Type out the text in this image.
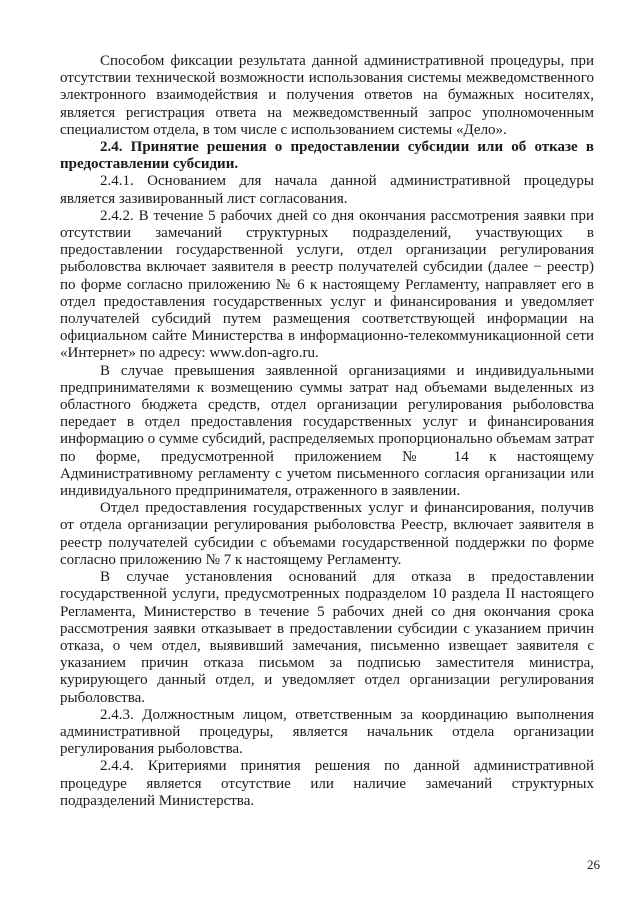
Способом фиксации результата данной административной процедуры, при отсутствии технической возможности использования системы межведомственного электронного взаимодействия и получения ответов на бумажных носителях, является регистрация ответа на межведомственный запрос уполномоченным специалистом отдела, в том числе с использованием системы «Дело».

2.4. Принятие решения о предоставлении субсидии или об отказе в предоставлении субсидии.

2.4.1. Основанием для начала данной административной процедуры является зазивированный лист согласования.

2.4.2. В течение 5 рабочих дней со дня окончания рассмотрения заявки при отсутствии замечаний структурных подразделений, участвующих в предоставлении государственной услуги, отдел организации регулирования рыболовства включает заявителя в реестр получателей субсидии (далее − реестр) по форме согласно приложению № 6 к настоящему Регламенту, направляет его в отдел предоставления государственных услуг и финансирования и уведомляет получателей субсидий путем размещения соответствующей информации на официальном сайте Министерства в информационно-телекоммуникационной сети «Интернет» по адресу: www.don-agro.ru.

В случае превышения заявленной организациями и индивидуальными предпринимателями к возмещению суммы затрат над объемами выделенных из областного бюджета средств, отдел организации регулирования рыболовства передает в отдел предоставления государственных услуг и финансирования информацию о сумме субсидий, распределяемых пропорционально объемам затрат по форме, предусмотренной приложением № 14 к настоящему Административному регламенту с учетом письменного согласия организации или индивидуального предпринимателя, отраженного в заявлении.

Отдел предоставления государственных услуг и финансирования, получив от отдела организации регулирования рыболовства Реестр, включает заявителя в реестр получателей субсидии с объемами государственной поддержки по форме согласно приложению № 7 к настоящему Регламенту.

В случае установления оснований для отказа в предоставлении государственной услуги, предусмотренных подразделом 10 раздела II настоящего Регламента, Министерство в течение 5 рабочих дней со дня окончания срока рассмотрения заявки отказывает в предоставлении субсидии с указанием причин отказа, о чем отдел, выявивший замечания, письменно извещает заявителя с указанием причин отказа письмом за подписью заместителя министра, курирующего данный отдел, и уведомляет отдел организации регулирования рыболовства.

2.4.3. Должностным лицом, ответственным за координацию выполнения административной процедуры, является начальник отдела организации регулирования рыболовства.

2.4.4. Критериями принятия решения по данной административной процедуре является отсутствие или наличие замечаний структурных подразделений Министерства.

26
